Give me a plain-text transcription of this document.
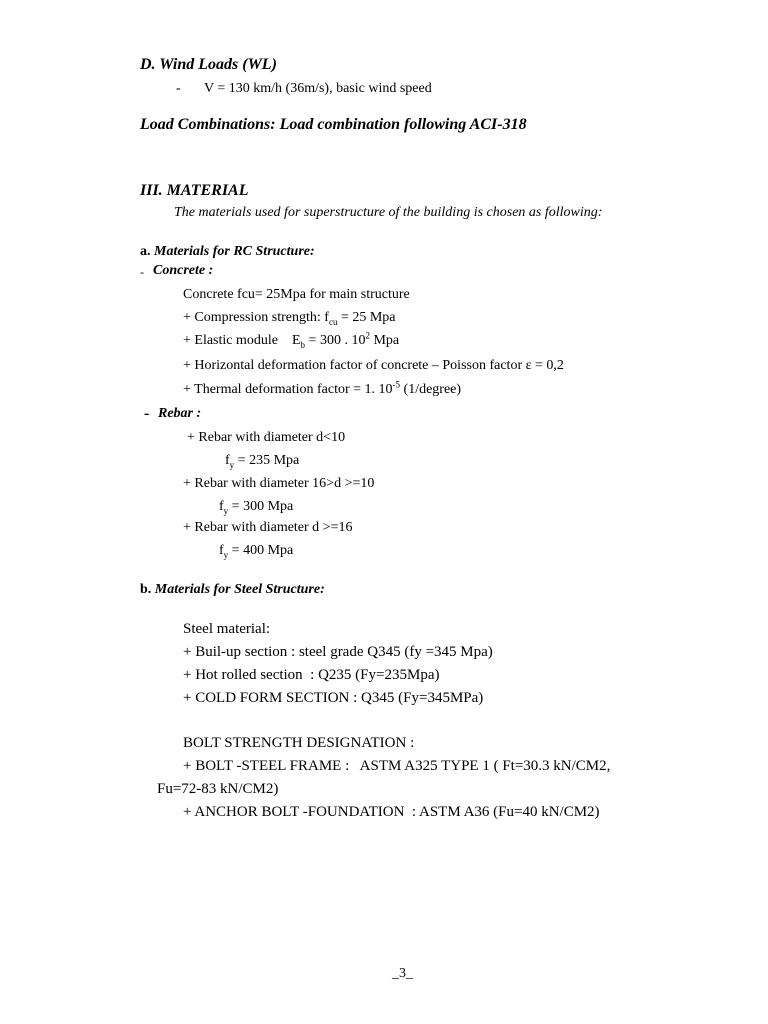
D. Wind Loads (WL)
- V = 130 km/h (36m/s), basic wind speed
Load Combinations: Load combination following ACI-318
III. MATERIAL
The materials used for superstructure of the building is chosen as following:
a. Materials for RC Structure:
- Concrete :
Concrete fcu= 25Mpa for main structure
+ Compression strength: $f_{cu} = 25$ Mpa
+ Elastic module    $E_b = 300$ . $10^2$ Mpa
+ Horizontal deformation factor of concrete – Poisson factor ε = 0,2
+ Thermal deformation factor = 1. $10^{-5}$ (1/degree)
- Rebar :
+ Rebar with diameter d<10
$f_y = 235$ Mpa
+ Rebar with diameter 16>d >=10
$f_y = 300$ Mpa
+ Rebar with diameter d >=16
$f_y = 400$ Mpa
b. Materials for Steel Structure:
Steel material:
+ Buil-up section : steel grade Q345 (fy =345 Mpa)
+ Hot rolled section  : Q235 (Fy=235Mpa)
+ COLD FORM SECTION : Q345 (Fy=345MPa)
BOLT STRENGTH DESIGNATION :
+ BOLT -STEEL FRAME :   ASTM A325 TYPE 1 ( Ft=30.3 kN/CM2,
Fu=72-83 kN/CM2)
+ ANCHOR BOLT -FOUNDATION  : ASTM A36 (Fu=40 kN/CM2)
_3_
